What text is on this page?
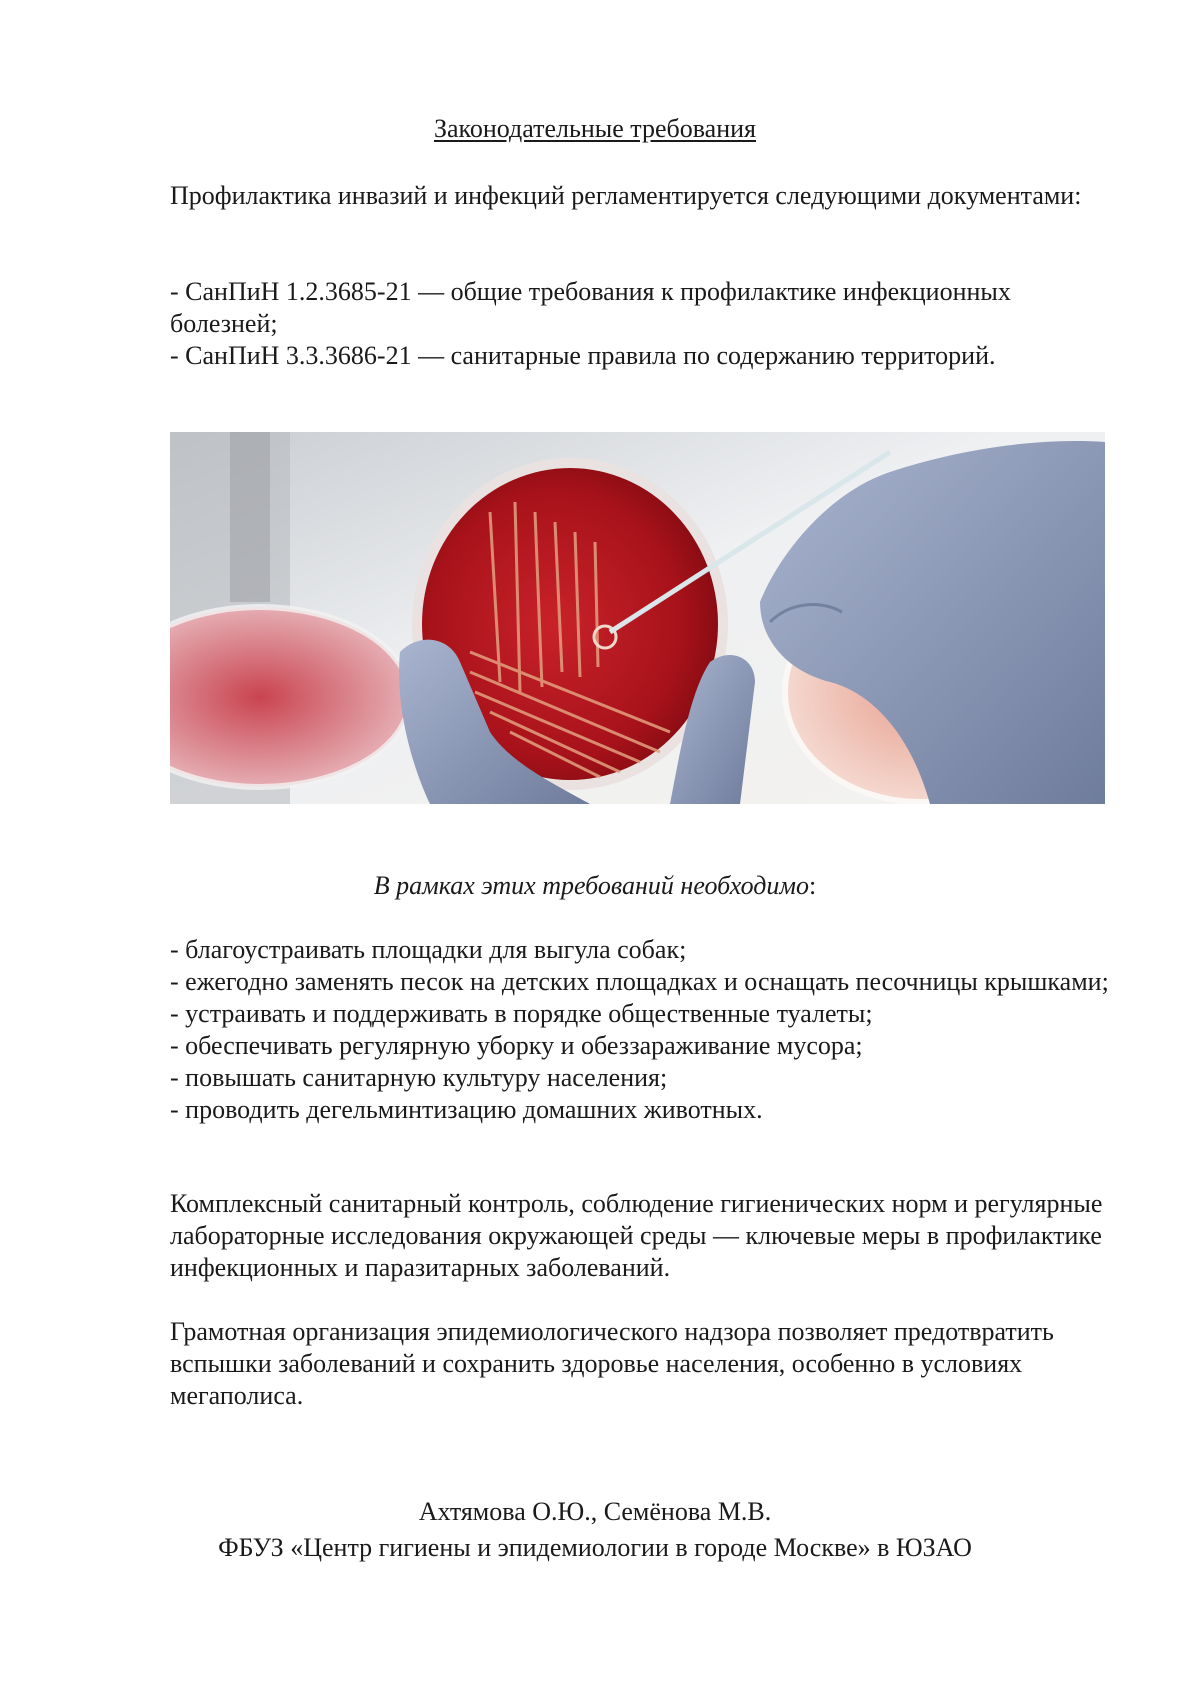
Законодательные требования

Профилактика инвазий и инфекций регламентируется следующими документами:

- СанПиН 1.2.3685-21 — общие требования к профилактике инфекционных болезней;

- СанПиН 3.3.3686-21 — санитарные правила по содержанию территорий.

В рамках этих требований необходимо:

- благоустраивать площадки для выгула собак;

- ежегодно заменять песок на детских площадках и оснащать песочницы крышками;

- устраивать и поддерживать в порядке общественные туалеты;

- обеспечивать регулярную уборку и обеззараживание мусора;

- повышать санитарную культуру населения;

- проводить дегельминтизацию домашних животных.

Комплексный санитарный контроль, соблюдение гигиенических норм и регулярные лабораторные исследования окружающей среды — ключевые меры в профилактике инфекционных и паразитарных заболеваний.

Грамотная организация эпидемиологического надзора позволяет предотвратить вспышки заболеваний и сохранить здоровье населения, особенно в условиях мегаполиса.

Ахтямова О.Ю., Семёнова М.В.
ФБУЗ «Центр гигиены и эпидемиологии в городе Москве» в ЮЗАО
